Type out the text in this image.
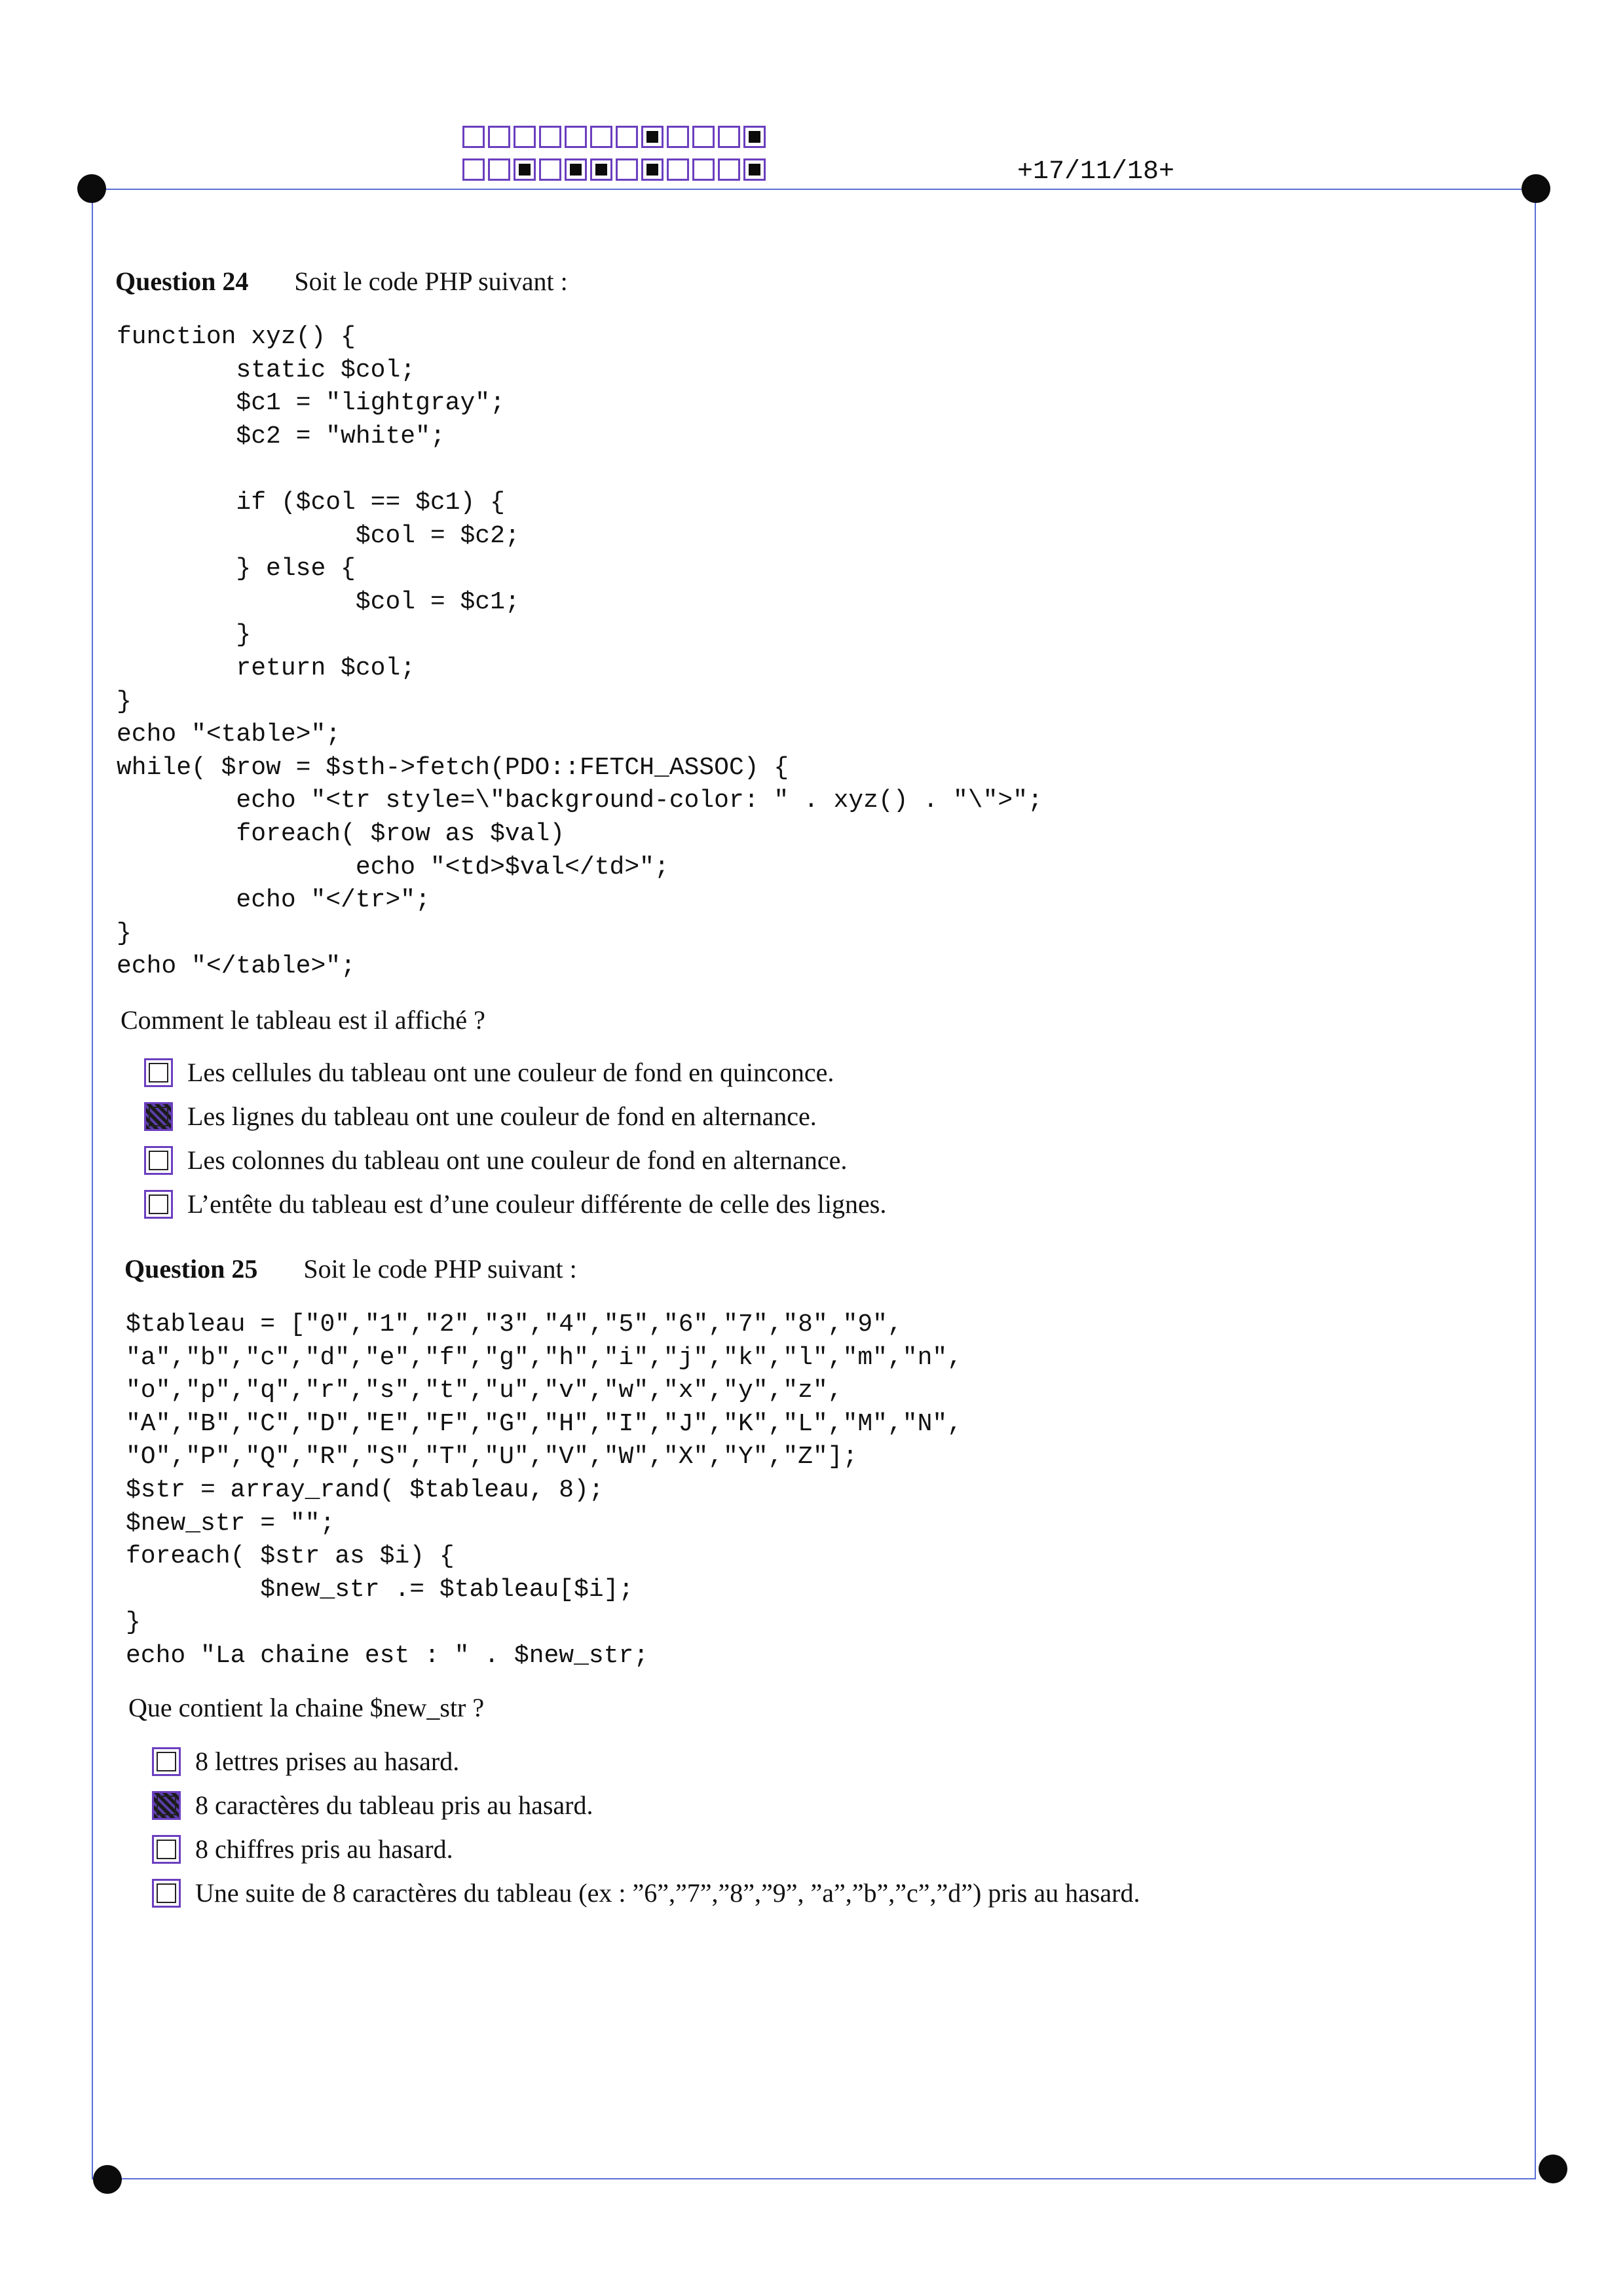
+17/11/18+
Question 24 Soit le code PHP suivant :
function xyz() {
static $col;
$c1 = "lightgray";
$c2 = "white";

if ($col == $c1) {
$col = $c2;
} else {
$col = $c1;
}
return $col;
}
echo "<table>";
while( $row = $sth->fetch(PDO::FETCH_ASSOC) {
echo "<tr style=\"background-color: " . xyz() . "\">";
foreach( $row as $val)
echo "<td>$val</td>";
echo "</tr>";
}
echo "</table>";
Comment le tableau est il affiché ?
Les cellules du tableau ont une couleur de fond en quinconce.
Les lignes du tableau ont une couleur de fond en alternance.
Les colonnes du tableau ont une couleur de fond en alternance.
L’entête du tableau est d’une couleur différente de celle des lignes.
Question 25 Soit le code PHP suivant :
$tableau = ["0","1","2","3","4","5","6","7","8","9",
"a","b","c","d","e","f","g","h","i","j","k","l","m","n",
"o","p","q","r","s","t","u","v","w","x","y","z",
"A","B","C","D","E","F","G","H","I","J","K","L","M","N",
"O","P","Q","R","S","T","U","V","W","X","Y","Z"];
$str = array_rand( $tableau, 8);
$new_str = "";
foreach( $str as $i) {
$new_str .= $tableau[$i];
}
echo "La chaine est : " . $new_str;
Que contient la chaine $new_str ?
8 lettres prises au hasard.
8 caractères du tableau pris au hasard.
8 chiffres pris au hasard.
Une suite de 8 caractères du tableau (ex : ”6”,”7”,”8”,”9”, ”a”,”b”,”c”,”d”) pris au hasard.
